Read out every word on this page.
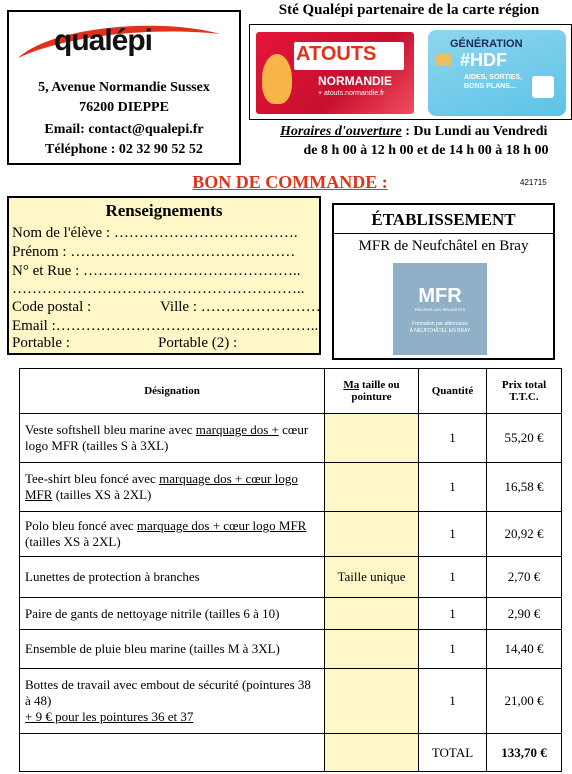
qualépi
5, Avenue Normandie Sussex
76200 DIEPPE
Email: contact@qualepi.fr
Téléphone : 02 32 90 52 52
Sté Qualépi partenaire de la carte région
ATOUTS
NORMANDIE
+ atouts.normandie.fr
GÉNÉRATION
#HDF
AIDES, SORTIES,
BONS PLANS...
Horaires d'ouverture : Du Lundi au Vendredi
de 8 h 00 à 12 h 00 et de 14 h 00 à 18 h 00
BON DE COMMANDE :	421715
Renseignements
Nom de l'élève : ……………………………….
Prénom : ………………………………………
N° et Rue : ……………………………………..
…………………………………………………..
Code postal :	Ville : ……………………
Email :……………………………………………..
Portable :	Portable (2) :
ÉTABLISSEMENT
MFR de Neufchâtel en Bray
MFR
RÉUSSIR LES RÉUSSITES
Formation par alternance
À NEUFCHÂTEL EN BRAY
Désignation	Ma taille ou pointure	Quantité	Prix total T.T.C.
Veste softshell bleu marine avec marquage dos + cœur logo MFR (tailles S à 3XL)		1	55,20 €
Tee-shirt bleu foncé avec marquage dos + cœur logo MFR (tailles XS à 2XL)		1	16,58 €
Polo bleu foncé avec marquage dos + cœur logo MFR (tailles XS à 2XL)		1	20,92 €
Lunettes de protection à branches	Taille unique	1	2,70 €
Paire de gants de nettoyage nitrile (tailles 6 à 10)		1	2,90 €
Ensemble de pluie bleu marine (tailles M à 3XL)		1	14,40 €
Bottes de travail avec embout de sécurité (pointures 38 à 48)
+ 9 € pour les pointures 36 et 37		1	21,00 €
		TOTAL	133,70 €
